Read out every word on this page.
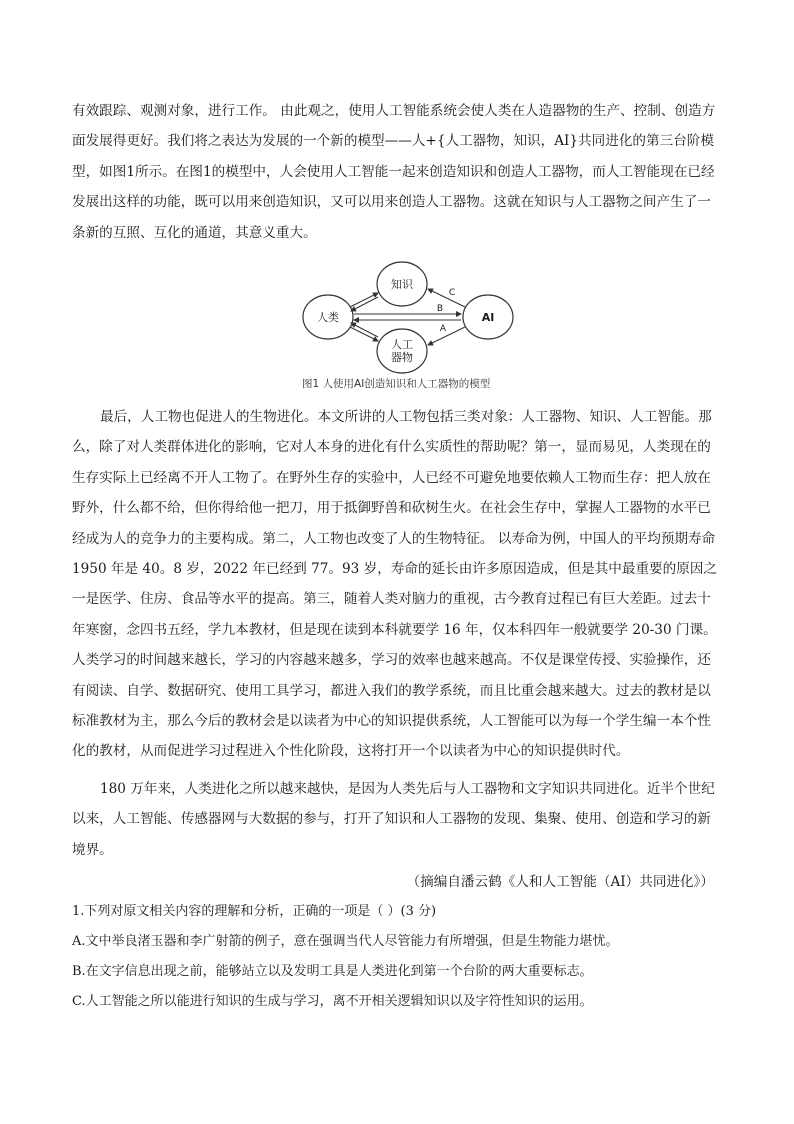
有效跟踪、观测对象，进行工作。 由此观之，使用人工智能系统会使人类在人造器物的生产、控制、创造方面发展得更好。我们将之表达为发展的一个新的模型——人+{人工器物，知识，AI}共同进化的第三台阶模型，如图1所示。在图1的模型中，人会使用人工智能一起来创造知识和创造人工器物，而人工智能现在已经发展出这样的功能，既可以用来创造知识，又可以用来创造人工器物。这就在知识与人工器物之间产生了一条新的互照、互化的通道，其意义重大。

知识
人类	AI
人工
器物
C
B
A
图1 人使用AI创造知识和人工器物的模型

最后，人工物也促进人的生物进化。本文所讲的人工物包括三类对象：人工器物、知识、人工智能。那么，除了对人类群体进化的影响，它对人本身的进化有什么实质性的帮助呢？第一，显而易见，人类现在的生存实际上已经离不开人工物了。在野外生存的实验中，人已经不可避免地要依赖人工物而生存：把人放在野外，什么都不给，但你得给他一把刀，用于抵御野兽和砍树生火。在社会生存中，掌握人工器物的水平已经成为人的竞争力的主要构成。第二，人工物也改变了人的生物特征。 以寿命为例，中国人的平均预期寿命 1950 年是 40。8 岁，2022 年已经到 77。93 岁，寿命的延长由许多原因造成，但是其中最重要的原因之一是医学、住房、食品等水平的提高。第三，随着人类对脑力的重视，古今教育过程已有巨大差距。过去十年寒窗，念四书五经，学九本教材，但是现在读到本科就要学 16 年，仅本科四年一般就要学 20-30 门课。人类学习的时间越来越长，学习的内容越来越多，学习的效率也越来越高。不仅是课堂传授、实验操作，还有阅读、自学、数据研究、使用工具学习，都进入我们的教学系统，而且比重会越来越大。过去的教材是以标准教材为主，那么今后的教材会是以读者为中心的知识提供系统，人工智能可以为每一个学生编一本个性化的教材，从而促进学习过程进入个性化阶段，这将打开一个以读者为中心的知识提供时代。

180 万年来，人类进化之所以越来越快，是因为人类先后与人工器物和文字知识共同进化。近半个世纪以来，人工智能、传感器网与大数据的参与，打开了知识和人工器物的发现、集聚、使用、创造和学习的新境界。

（摘编自潘云鹤《人和人工智能（AI）共同进化》）

1.下列对原文相关内容的理解和分析，正确的一项是（ ）(3 分)

A.文中举良渚玉器和李广射箭的例子，意在强调当代人尽管能力有所增强，但是生物能力堪忧。

B.在文字信息出现之前，能够站立以及发明工具是人类进化到第一个台阶的两大重要标志。

C.人工智能之所以能进行知识的生成与学习，离不开相关逻辑知识以及字符性知识的运用。
